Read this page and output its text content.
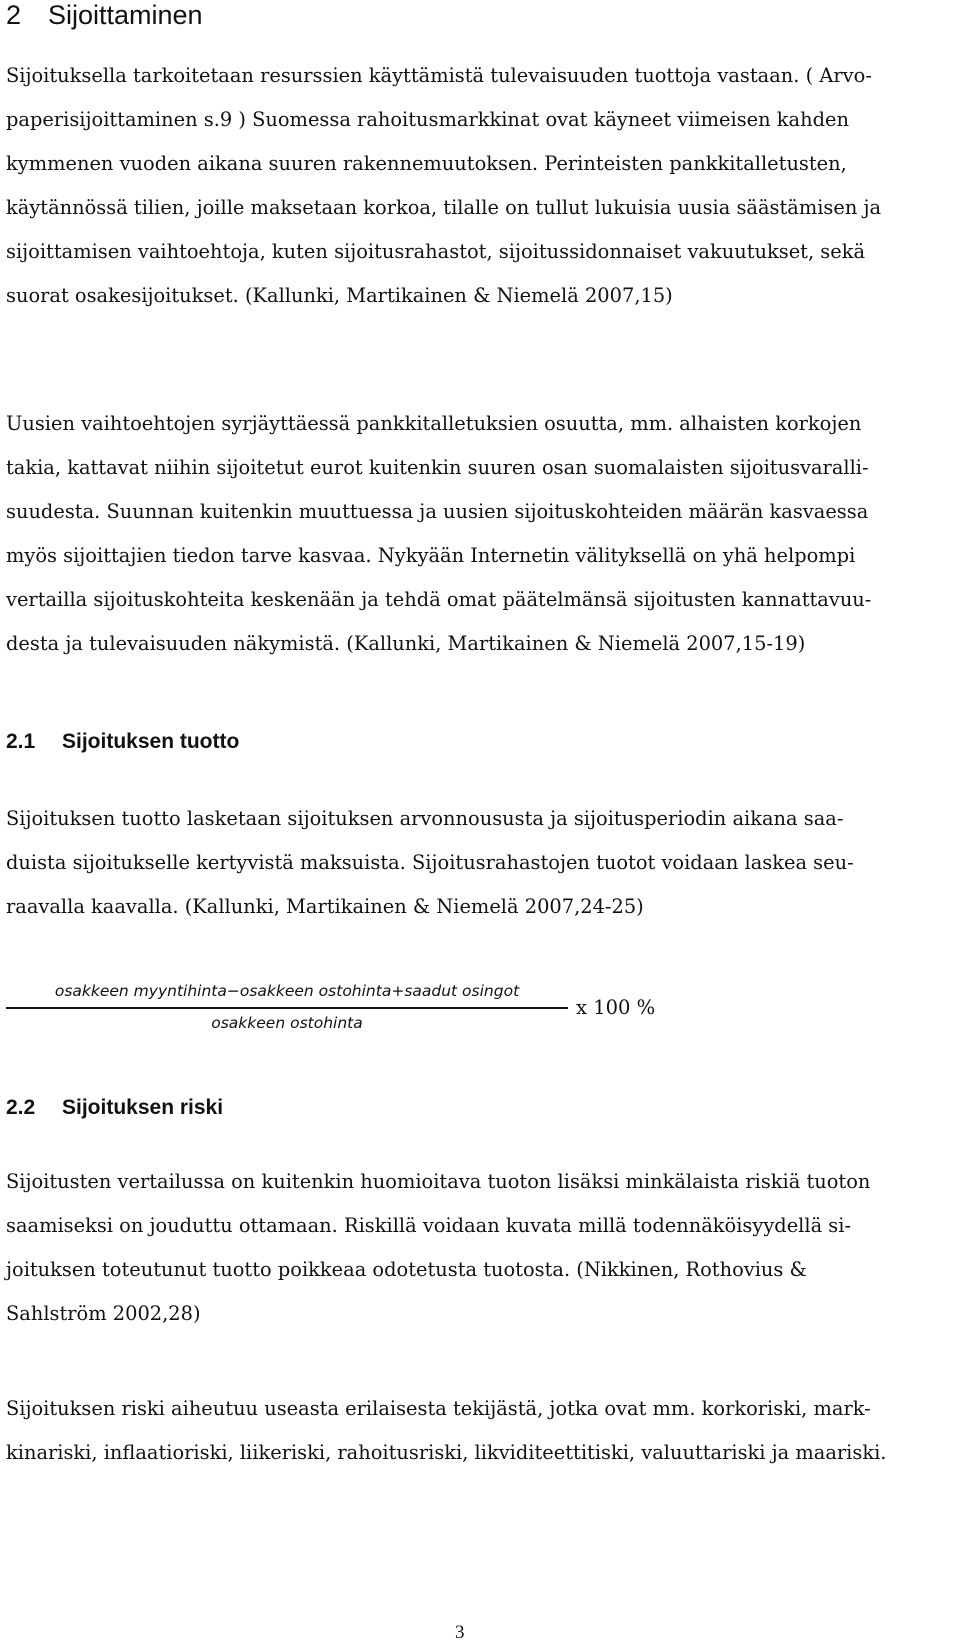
2 Sijoittaminen

Sijoituksella tarkoitetaan resurssien käyttämistä tulevaisuuden tuottoja vastaan. ( Arvo-
paperisijoittaminen s.9 ) Suomessa rahoitusmarkkinat ovat käyneet viimeisen kahden
kymmenen vuoden aikana suuren rakennemuutoksen. Perinteisten pankkitalletusten,
käytännössä tilien, joille maksetaan korkoa, tilalle on tullut lukuisia uusia säästämisen ja
sijoittamisen vaihtoehtoja, kuten sijoitusrahastot, sijoitussidonnaiset vakuutukset, sekä
suorat osakesijoitukset. (Kallunki, Martikainen & Niemelä 2007,15)

Uusien vaihtoehtojen syrjäyttäessä pankkitalletuksien osuutta, mm. alhaisten korkojen
takia, kattavat niihin sijoitetut eurot kuitenkin suuren osan suomalaisten sijoitusvaralli-
suudesta. Suunnan kuitenkin muuttuessa ja uusien sijoituskohteiden määrän kasvaessa
myös sijoittajien tiedon tarve kasvaa. Nykyään Internetin välityksellä on yhä helpompi
vertailla sijoituskohteita keskenään ja tehdä omat päätelmänsä sijoitusten kannattavuu-
desta ja tulevaisuuden näkymistä. (Kallunki, Martikainen & Niemelä 2007,15-19)

2.1 Sijoituksen tuotto

Sijoituksen tuotto lasketaan sijoituksen arvonnoususta ja sijoitusperiodin aikana saa-
duista sijoitukselle kertyvistä maksuista. Sijoitusrahastojen tuotot voidaan laskea seu-
raavalla kaavalla. (Kallunki, Martikainen & Niemelä 2007,24-25)

osakkeen myyntihinta−osakkeen ostohinta+saadut osingot
osakkeen ostohinta
x 100 %
2.2 Sijoituksen riski

Sijoitusten vertailussa on kuitenkin huomioitava tuoton lisäksi minkälaista riskiä tuoton
saamiseksi on jouduttu ottamaan. Riskillä voidaan kuvata millä todennäköisyydellä si-
joituksen toteutunut tuotto poikkeaa odotetusta tuotosta. (Nikkinen, Rothovius &
Sahlström 2002,28)

Sijoituksen riski aiheutuu useasta erilaisesta tekijästä, jotka ovat mm. korkoriski, mark-
kinariski, inflaatioriski, liikeriski, rahoitusriski, likviditeettitiski, valuuttariski ja maariski.

3
